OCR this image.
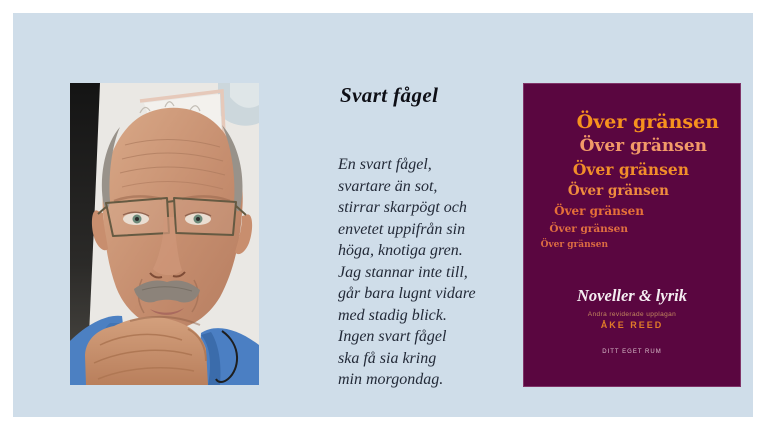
Svart fågel
En svart fågel,
svartare än sot,
stirrar skarpögt och
envetet uppifrån sin
höga, knotiga gren.
Jag stannar inte till,
går bara lugnt vidare
med stadig blick.
Ingen svart fågel
ska få sia kring
min morgondag.
Över gränsen
Över gränsen
Över gränsen
Över gränsen
Över gränsen
Över gränsen
Över gränsen
Noveller & lyrik
Andra reviderade upplagan
ÅKE REED
DITT EGET RUM
